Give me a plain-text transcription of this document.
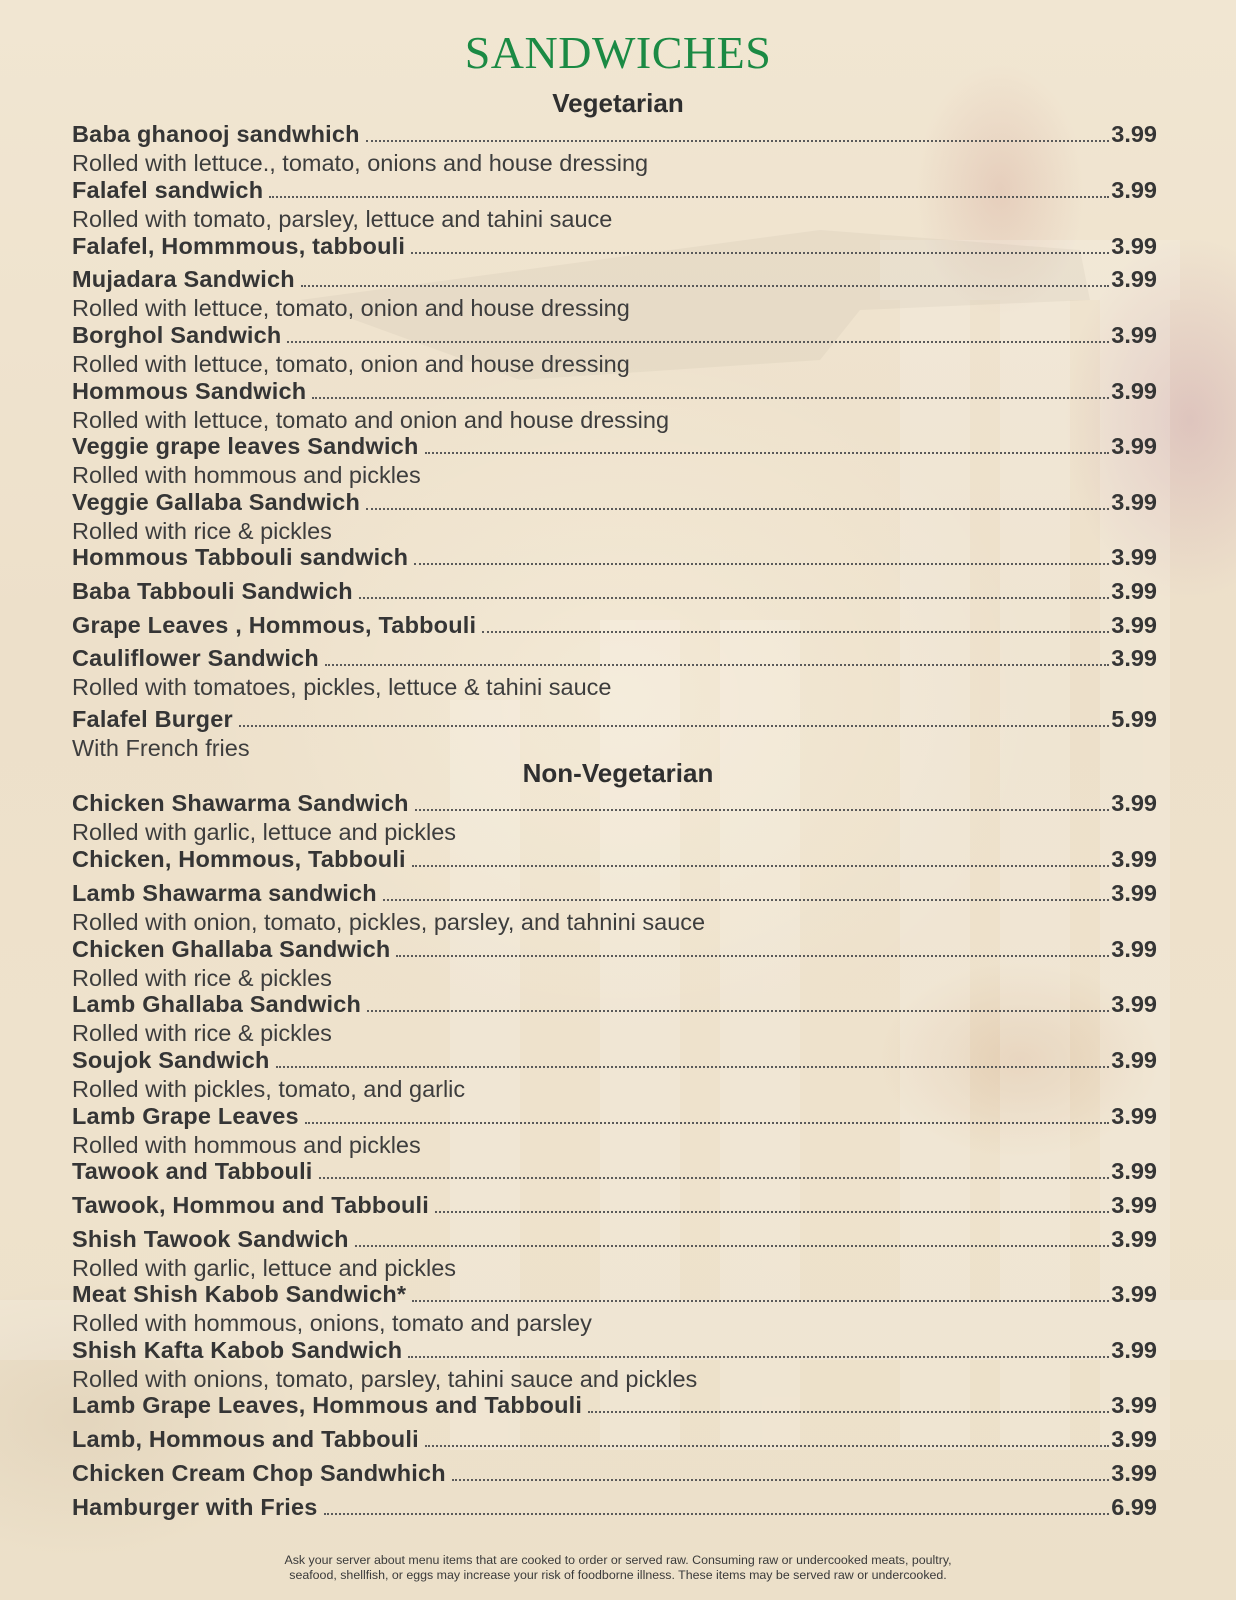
SANDWICHES
Vegetarian
Baba ghanooj sandwhich	3.99
Rolled with lettuce., tomato, onions and house dressing
Falafel sandwich	3.99
Rolled with tomato, parsley, lettuce and tahini sauce
Falafel, Hommmous, tabbouli	3.99
Mujadara Sandwich	3.99
Rolled with lettuce, tomato, onion and house dressing
Borghol Sandwich	3.99
Rolled with lettuce, tomato, onion and house dressing
Hommous Sandwich	3.99
Rolled with lettuce, tomato and onion and house dressing
Veggie grape leaves Sandwich	3.99
Rolled with hommous and pickles
Veggie Gallaba Sandwich	3.99
Rolled with rice & pickles
Hommous Tabbouli sandwich	3.99
Baba Tabbouli Sandwich	3.99
Grape Leaves , Hommous, Tabbouli	3.99
Cauliflower Sandwich	3.99
Rolled with tomatoes, pickles, lettuce & tahini sauce
Falafel Burger	5.99
With French fries
Non-Vegetarian
Chicken Shawarma Sandwich	3.99
Rolled with garlic, lettuce and pickles
Chicken, Hommous, Tabbouli	3.99
Lamb Shawarma sandwich	3.99
Rolled with onion, tomato, pickles, parsley, and tahnini sauce
Chicken Ghallaba Sandwich	3.99
Rolled with rice & pickles
Lamb Ghallaba Sandwich	3.99
Rolled with rice & pickles
Soujok Sandwich	3.99
Rolled with pickles, tomato, and garlic
Lamb Grape Leaves	3.99
Rolled with hommous and pickles
Tawook and Tabbouli	3.99
Tawook, Hommou and Tabbouli	3.99
Shish Tawook Sandwich	3.99
Rolled with garlic, lettuce and pickles
Meat Shish Kabob Sandwich*	3.99
Rolled with hommous, onions, tomato and parsley
Shish Kafta Kabob Sandwich	3.99
Rolled with onions, tomato, parsley, tahini sauce and pickles
Lamb Grape Leaves, Hommous and Tabbouli	3.99
Lamb, Hommous and Tabbouli	3.99
Chicken Cream Chop Sandwhich	3.99
Hamburger with Fries	6.99
Ask your server about menu items that are cooked to order or served raw. Consuming raw or undercooked meats, poultry,
seafood, shellfish, or eggs may increase your risk of foodborne illness. These items may be served raw or undercooked.
